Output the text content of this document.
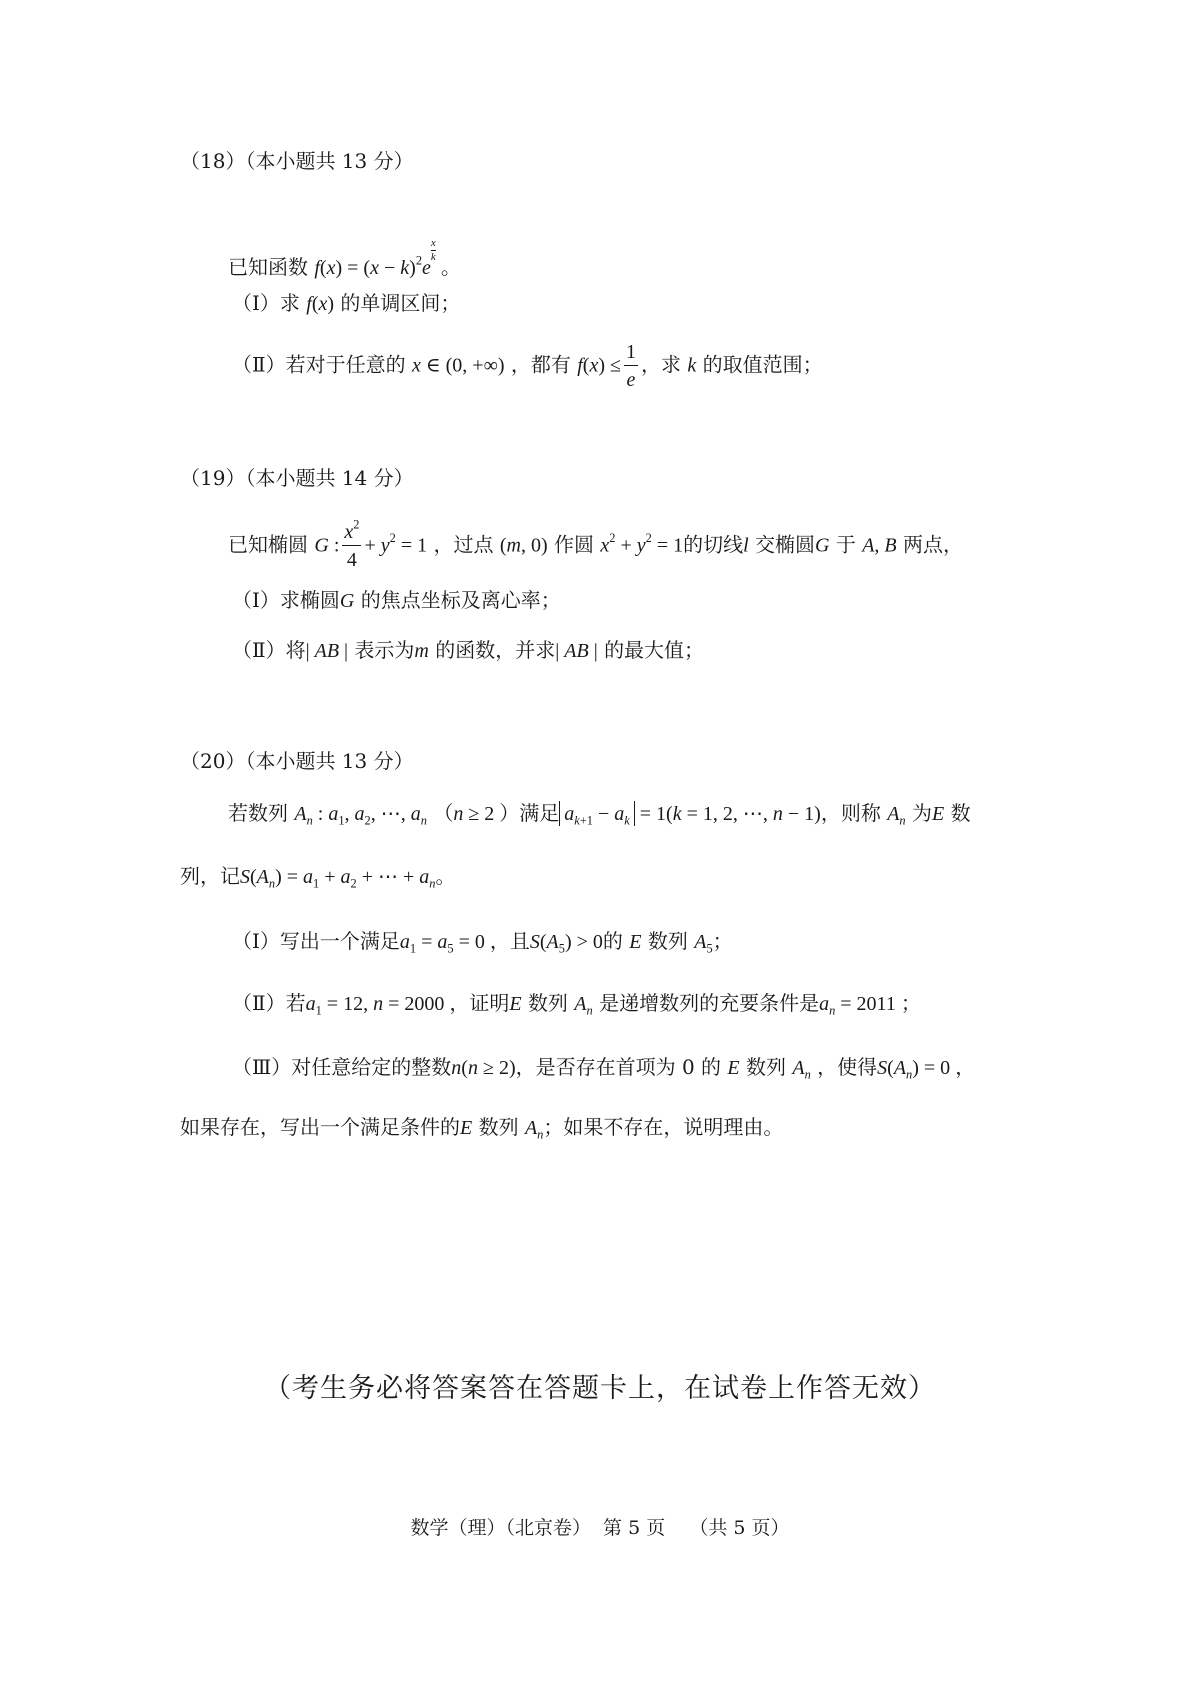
（18）（本小题共 13 分）
已知函数 $f(x) = (x - k)^2e$
$\frac{x}{k}$
。
（Ⅰ）求 f(x) 的单调区间；
（Ⅱ）若对于任意的 x ∈ (0, +∞) ，都有 $f(x) \le \frac{1}{e}$ ，求 k 的取值范围；
（19）（本小题共 14 分）
已知椭圆 G : $\frac{x^2}{4} + y^2 = 1$ ，过点 (m, 0) 作圆 $x^2 + y^2 = 1$的切线l 交椭圆G 于 A, B 两点，
（Ⅰ）求椭圆G 的焦点坐标及离心率；
（Ⅱ）将| AB | 表示为m 的函数，并求| AB | 的最大值；
（20）（本小题共 13 分）
若数列 $A_n$ : $a_1$, $a_2$, ⋯, $a_n$ （n ≥ 2 ）满足 $a_{k+1} - a_k = 1(k = 1$, 2, ⋯, n − 1)，则称 $A_n$ 为E 数
列，记$S(A_n) = a_1 + a_2$ + ⋯ + $a_n$。
（Ⅰ）写出一个满足$a_1 = a_5 = 0$ ，且$S(A_5) > 0$的 E 数列 $A_5$；
（Ⅱ）若$a_1 = 12$, n = 2000 ，证明E 数列 $A_n$ 是递增数列的充要条件是$a_n = 2011$ ；
（Ⅲ）对任意给定的整数n(n ≥ 2)，是否存在首项为 0 的 E 数列 $A_n$ ，使得$S(A_n) = 0$ ，
如果存在，写出一个满足条件的E 数列 $A_n$；如果不存在，说明理由。
（考生务必将答案答在答题卡上，在试卷上作答无效）
数学（理）（北京卷）  第 5 页    （共 5 页）
